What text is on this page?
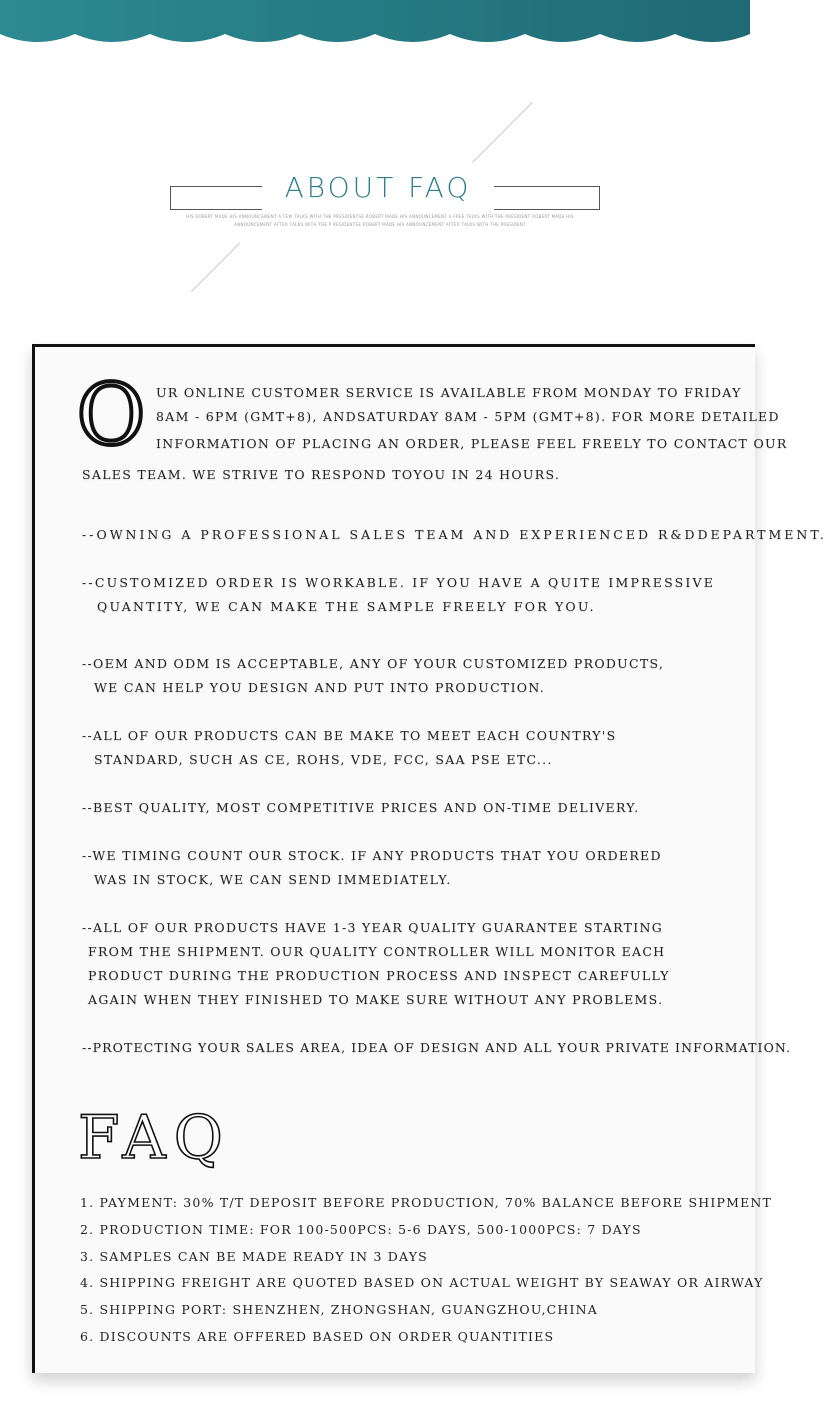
ABOUT FAQ
HIS ROBERT MADE HIS ANNOUNCEMENT A FEW TALKS WITH THE PRESIDENTSE ROBERT MADE HIS ANNOUNCEMENT A FREE TALKS WITH THE PRESIDENT ROBERT MADE HIS
ANNOUNCEMENT AFTER TALKS WITH THE P RESIDENTSE ROBERT MADE HIS ANNOUNCEMENT AFTER TALKS WITH THE PRESIDENT
O UR ONLINE CUSTOMER SERVICE IS AVAILABLE FROM MONDAY TO FRIDAY
8AM - 6PM (GMT+8), ANDSATURDAY 8AM - 5PM (GMT+8). FOR MORE DETAILED
INFORMATION OF PLACING AN ORDER, PLEASE FEEL FREELY TO CONTACT OUR
SALES TEAM. WE STRIVE TO RESPOND TOYOU IN 24 HOURS.
--OWNING A PROFESSIONAL SALES TEAM AND EXPERIENCED R&DDEPARTMENT.
--CUSTOMIZED ORDER IS WORKABLE. IF YOU HAVE A QUITE IMPRESSIVE
QUANTITY, WE CAN MAKE THE SAMPLE FREELY FOR YOU.
--OEM AND ODM IS ACCEPTABLE, ANY OF YOUR CUSTOMIZED PRODUCTS,
WE CAN HELP YOU DESIGN AND PUT INTO PRODUCTION.
--ALL OF OUR PRODUCTS CAN BE MAKE TO MEET EACH COUNTRY'S
STANDARD, SUCH AS CE, ROHS, VDE, FCC, SAA PSE ETC...
--BEST QUALITY, MOST COMPETITIVE PRICES AND ON-TIME DELIVERY.
--WE TIMING COUNT OUR STOCK. IF ANY PRODUCTS THAT YOU ORDERED
WAS IN STOCK, WE CAN SEND IMMEDIATELY.
--ALL OF OUR PRODUCTS HAVE 1-3 YEAR QUALITY GUARANTEE STARTING
FROM THE SHIPMENT. OUR QUALITY CONTROLLER WILL MONITOR EACH
PRODUCT DURING THE PRODUCTION PROCESS AND INSPECT CAREFULLY
AGAIN WHEN THEY FINISHED TO MAKE SURE WITHOUT ANY PROBLEMS.
--PROTECTING YOUR SALES AREA, IDEA OF DESIGN AND ALL YOUR PRIVATE INFORMATION.
FAQ
1. PAYMENT: 30% T/T DEPOSIT BEFORE PRODUCTION, 70% BALANCE BEFORE SHIPMENT
2. PRODUCTION TIME: FOR 100-500PCS: 5-6 DAYS, 500-1000PCS: 7 DAYS
3. SAMPLES CAN BE MADE READY IN 3 DAYS
4. SHIPPING FREIGHT ARE QUOTED BASED ON ACTUAL WEIGHT BY SEAWAY OR AIRWAY
5. SHIPPING PORT: SHENZHEN, ZHONGSHAN, GUANGZHOU,CHINA
6. DISCOUNTS ARE OFFERED BASED ON ORDER QUANTITIES
